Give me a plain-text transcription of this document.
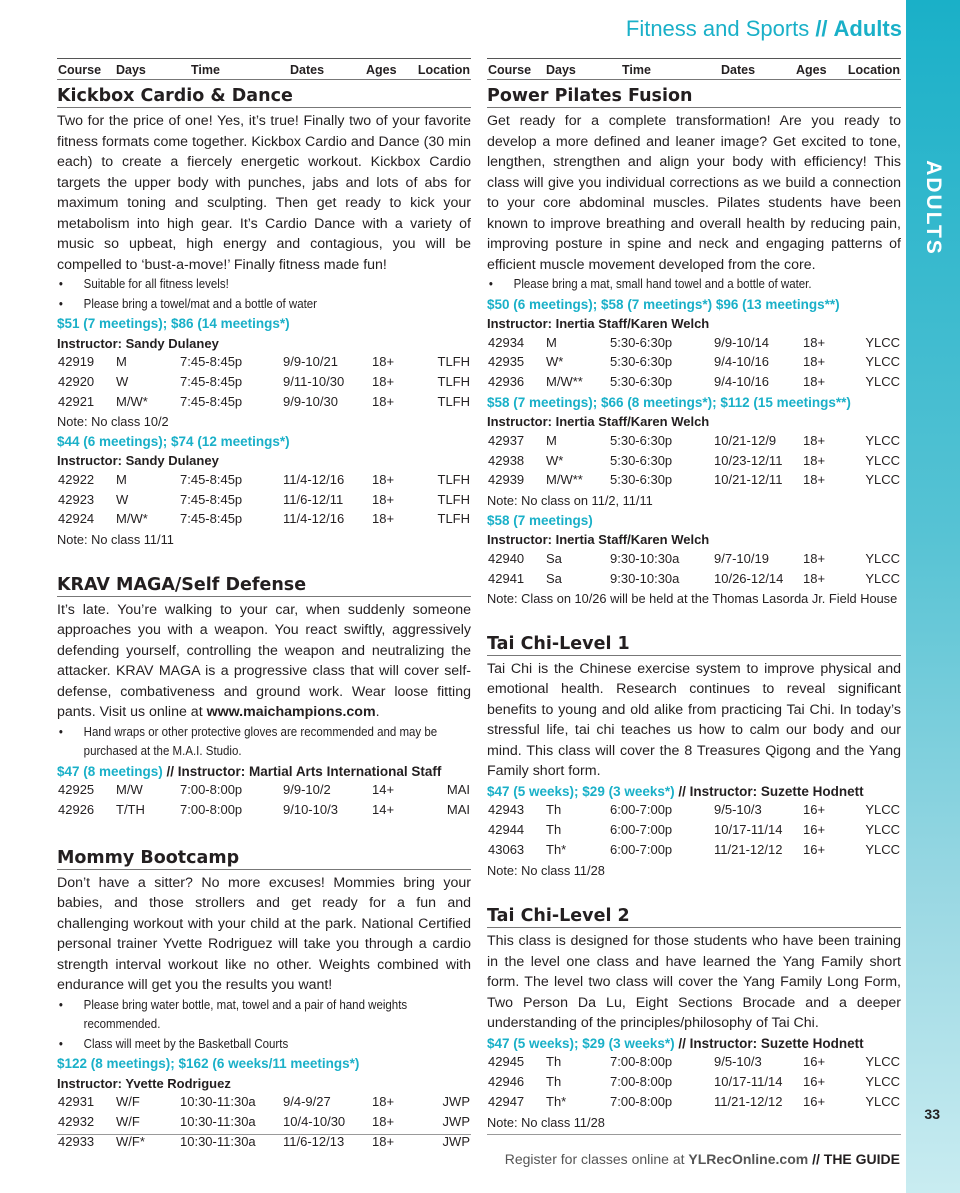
ADULTS
33
Fitness and Sports // Adults
Course Days	Time	Dates	Ages Location
Kickbox Cardio & Dance
Two for the price of one! Yes, it’s true! Finally two of your favorite fitness formats come together. Kickbox Cardio and Dance (30 min each) to create a fiercely energetic workout. Kickbox Cardio targets the upper body with punches, jabs and lots of abs for maximum toning and sculpting. Then get ready to kick your metabolism into high gear. It’s Cardio Dance with a variety of music so upbeat, high energy and contagious, you will be compelled to ‘bust-a-move!’ Finally fitness made fun!
• Suitable for all fitness levels!
• Please bring a towel/mat and a bottle of water
$51 (7 meetings); $86 (14 meetings*)
Instructor: Sandy Dulaney
42919 M	7:45-8:45p	9/9-10/21	18+	TLFH
42920 W	7:45-8:45p	9/11-10/30 18+	TLFH
42921 M/W* 7:45-8:45p	9/9-10/30	18+	TLFH
Note: No class 10/2
$44 (6 meetings); $74 (12 meetings*)
Instructor: Sandy Dulaney
42922 M	7:45-8:45p	11/4-12/16 18+	TLFH
42923 W	7:45-8:45p	11/6-12/11 18+	TLFH
42924 M/W* 7:45-8:45p	11/4-12/16 18+	TLFH
Note: No class 11/11
KRAV MAGA/Self Defense
It’s late. You’re walking to your car, when suddenly someone approaches you with a weapon. You react swiftly, aggressively defending yourself, controlling the weapon and neutralizing the attacker. KRAV MAGA is a progressive class that will cover self-defense, combativeness and ground work. Wear loose fitting pants. Visit us online at www.maichampions.com.
• Hand wraps or other protective gloves are recommended and may be purchased at the M.A.I. Studio.
$47 (8 meetings) // Instructor: Martial Arts International Staff
42925 M/W	7:00-8:00p	9/9-10/2	14+	MAI
42926 T/TH	7:00-8:00p	9/10-10/3	14+	MAI
Mommy Bootcamp
Don’t have a sitter? No more excuses! Mommies bring your babies, and those strollers and get ready for a fun and challenging workout with your child at the park. National Certified personal trainer Yvette Rodriguez will take you through a cardio strength interval workout like no other. Weights combined with endurance will get you the results you want!
• Please bring water bottle, mat, towel and a pair of hand weights recommended.
• Class will meet by the Basketball Courts
$122 (8 meetings); $162 (6 weeks/11 meetings*)
Instructor: Yvette Rodriguez
42931 W/F	10:30-11:30a 9/4-9/27	18+	JWP
42932 W/F	10:30-11:30a 10/4-10/30 18+	JWP
42933 W/F*	10:30-11:30a 11/6-12/13 18+	JWP
Course Days	Time	Dates	Ages Location
Power Pilates Fusion
Get ready for a complete transformation! Are you ready to develop a more defined and leaner image? Get excited to tone, lengthen, strengthen and align your body with efficiency! This class will give you individual corrections as we build a connection to your core abdominal muscles. Pilates students have been known to improve breathing and overall health by reducing pain, improving posture in spine and neck and engaging patterns of efficient muscle movement developed from the core.
• Please bring a mat, small hand towel and a bottle of water.
$50 (6 meetings); $58 (7 meetings*) $96 (13 meetings**)
Instructor: Inertia Staff/Karen Welch
42934 M	5:30-6:30p	9/9-10/14	18+	YLCC
42935 W*	5:30-6:30p	9/4-10/16	18+	YLCC
42936 M/W** 5:30-6:30p	9/4-10/16	18+	YLCC
$58 (7 meetings); $66 (8 meetings*); $112 (15 meetings**)
Instructor: Inertia Staff/Karen Welch
42937 M	5:30-6:30p	10/21-12/9 18+	YLCC
42938 W*	5:30-6:30p	10/23-12/11 18+	YLCC
42939 M/W** 5:30-6:30p	10/21-12/11 18+	YLCC
Note: No class on 11/2, 11/11
$58 (7 meetings)
Instructor: Inertia Staff/Karen Welch
42940 Sa	9:30-10:30a	9/7-10/19	18+	YLCC
42941 Sa	9:30-10:30a	10/26-12/14 18+	YLCC
Note: Class on 10/26 will be held at the Thomas Lasorda Jr. Field House
Tai Chi-Level 1
Tai Chi is the Chinese exercise system to improve physical and emotional health. Research continues to reveal significant benefits to young and old alike from practicing Tai Chi. In today’s stressful life, tai chi teaches us how to calm our body and our mind. This class will cover the 8 Treasures Qigong and the Yang Family short form.
$47 (5 weeks); $29 (3 weeks*) // Instructor: Suzette Hodnett
42943 Th	6:00-7:00p	9/5-10/3	16+	YLCC
42944 Th	6:00-7:00p	10/17-11/14 16+	YLCC
43063 Th*	6:00-7:00p	11/21-12/12 16+	YLCC
Note: No class 11/28
Tai Chi-Level 2
This class is designed for those students who have been training in the level one class and have learned the Yang Family short form. The level two class will cover the Yang Family Long Form, Two Person Da Lu, Eight Sections Brocade and a deeper understanding of the principles/philosophy of Tai Chi.
$47 (5 weeks); $29 (3 weeks*) // Instructor: Suzette Hodnett
42945 Th	7:00-8:00p	9/5-10/3	16+	YLCC
42946 Th	7:00-8:00p	10/17-11/14 16+	YLCC
42947 Th*	7:00-8:00p	11/21-12/12 16+	YLCC
Note: No class 11/28
Register for classes online at YLRecOnline.com // THE GUIDE
